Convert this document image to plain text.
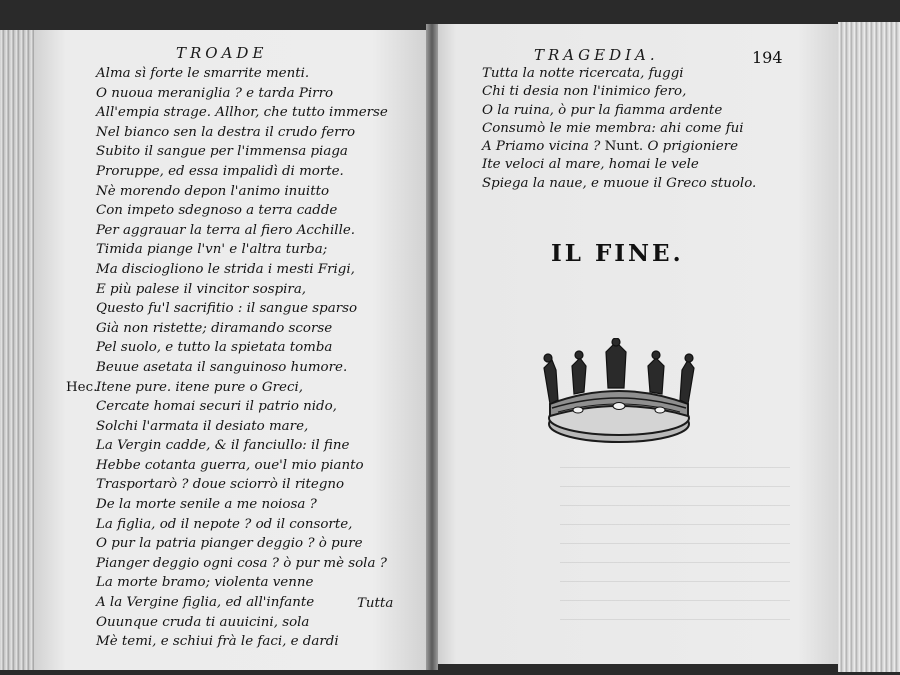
TROADE
Alma sì forte le smarrite menti.
O nuoua meraniglia ? e tarda Pirro
All'empia strage. Allhor, che tutto immerse
Nel bianco sen la destra il crudo ferro
Subito il sangue per l'immensa piaga
Proruppe, ed essa impalidì di morte.
Nè morendo depon l'animo inuitto
Con impeto sdegnoso a terra cadde
Per aggrauar la terra al fiero Acchille.
Timida piange l'vn' e l'altra turba;
Ma disciogliono le strida i mesti Frigi,
E più palese il vincitor sospira,
Questo fu'l sacrifitio : il sangue sparso
Già non ristette; diramando scorse
Pel suolo, e tutto la spietata tomba
Beuue asetata il sanguinoso humore.
Hec.
Itene pure. itene pure o Greci,
Cercate homai securi il patrio nido,
Solchi l'armata il desiato mare,
La Vergin cadde, & il fanciullo: il fine
Hebbe cotanta guerra, oue'l mio pianto
Trasportarò ? doue sciorrò il ritegno
De la morte senile a me noiosa ?
La figlia, od il nepote ? od il consorte,
O pur la patria pianger deggio ? ò pure
Pianger deggio ogni cosa ? ò pur mè sola ?
La morte bramo; violenta venne
A la Vergine figlia, ed all'infante
Ouunque cruda ti auuicini, sola
Mè temi, e schiui frà le faci, e dardi
Tutta
TRAGEDIA.	194
Tutta la notte ricercata, fuggi
Chi ti desia non l'inimico fero,
O la ruina, ò pur la fiamma ardente
Consumò le mie membra: ahi come fui
A Priamo vicina ? Nunt. O prigioniere
Ite veloci al mare, homai le vele
Spiega la naue, e muoue il Greco stuolo.
IL FINE.
